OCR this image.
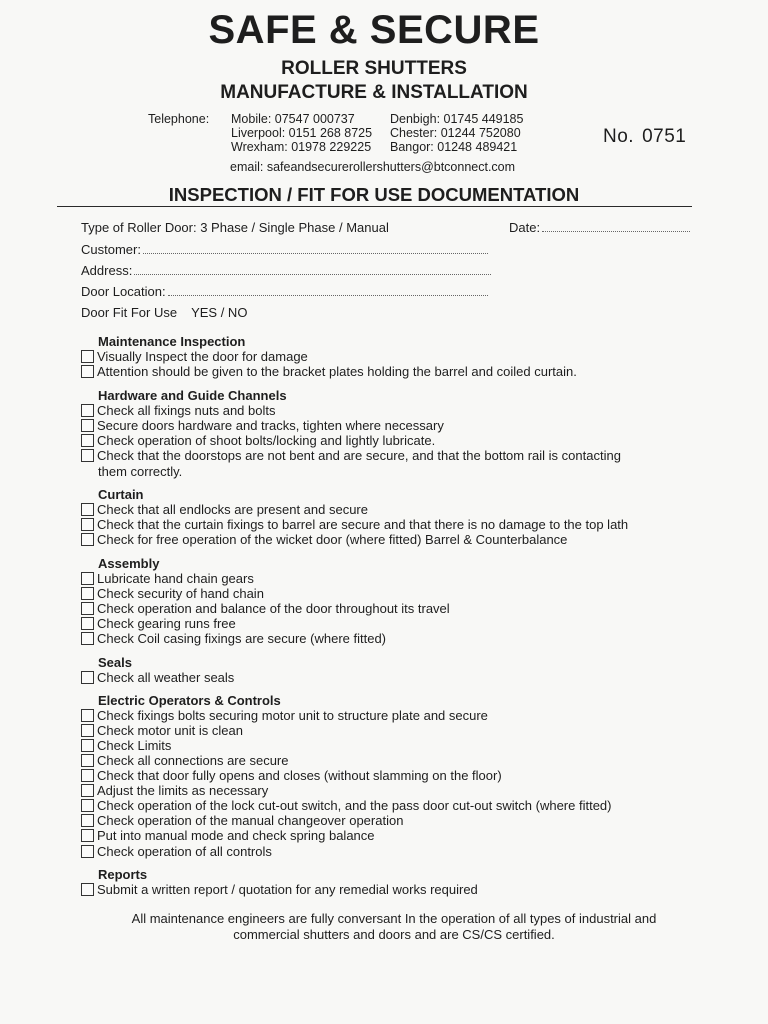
SAFE & SECURE
ROLLER SHUTTERS
MANUFACTURE & INSTALLATION
Telephone: Mobile: 07547 000737
Liverpool: 0151 268 8725
Wrexham: 01978 229225
Denbigh: 01745 449185
Chester: 01244 752080
Bangor: 01248 489421
email: safeandsecurerollershutters@btconnect.com
No. 0751
INSPECTION / FIT FOR USE DOCUMENTATION
Type of Roller Door: 3 Phase / Single Phase / Manual	Date:
Customer:
Address:
Door Location:
Door Fit For Use YES / NO
Maintenance Inspection
Visually Inspect the door for damage
Attention should be given to the bracket plates holding the barrel and coiled curtain.
Hardware and Guide Channels
Check all fixings nuts and bolts
Secure doors hardware and tracks, tighten where necessary
Check operation of shoot bolts/locking and lightly lubricate.
Check that the doorstops are not bent and are secure, and that the bottom rail is contacting
them correctly.
Curtain
Check that all endlocks are present and secure
Check that the curtain fixings to barrel are secure and that there is no damage to the top lath
Check for free operation of the wicket door (where fitted) Barrel & Counterbalance
Assembly
Lubricate hand chain gears
Check security of hand chain
Check operation and balance of the door throughout its travel
Check gearing runs free
Check Coil casing fixings are secure (where fitted)
Seals
Check all weather seals
Electric Operators & Controls
Check fixings bolts securing motor unit to structure plate and secure
Check motor unit is clean
Check Limits
Check all connections are secure
Check that door fully opens and closes (without slamming on the floor)
Adjust the limits as necessary
Check operation of the lock cut-out switch, and the pass door cut-out switch (where fitted)
Check operation of the manual changeover operation
Put into manual mode and check spring balance
Check operation of all controls
Reports
Submit a written report / quotation for any remedial works required
All maintenance engineers are fully conversant In the operation of all types of industrial and
commercial shutters and doors and are CS/CS certified.
